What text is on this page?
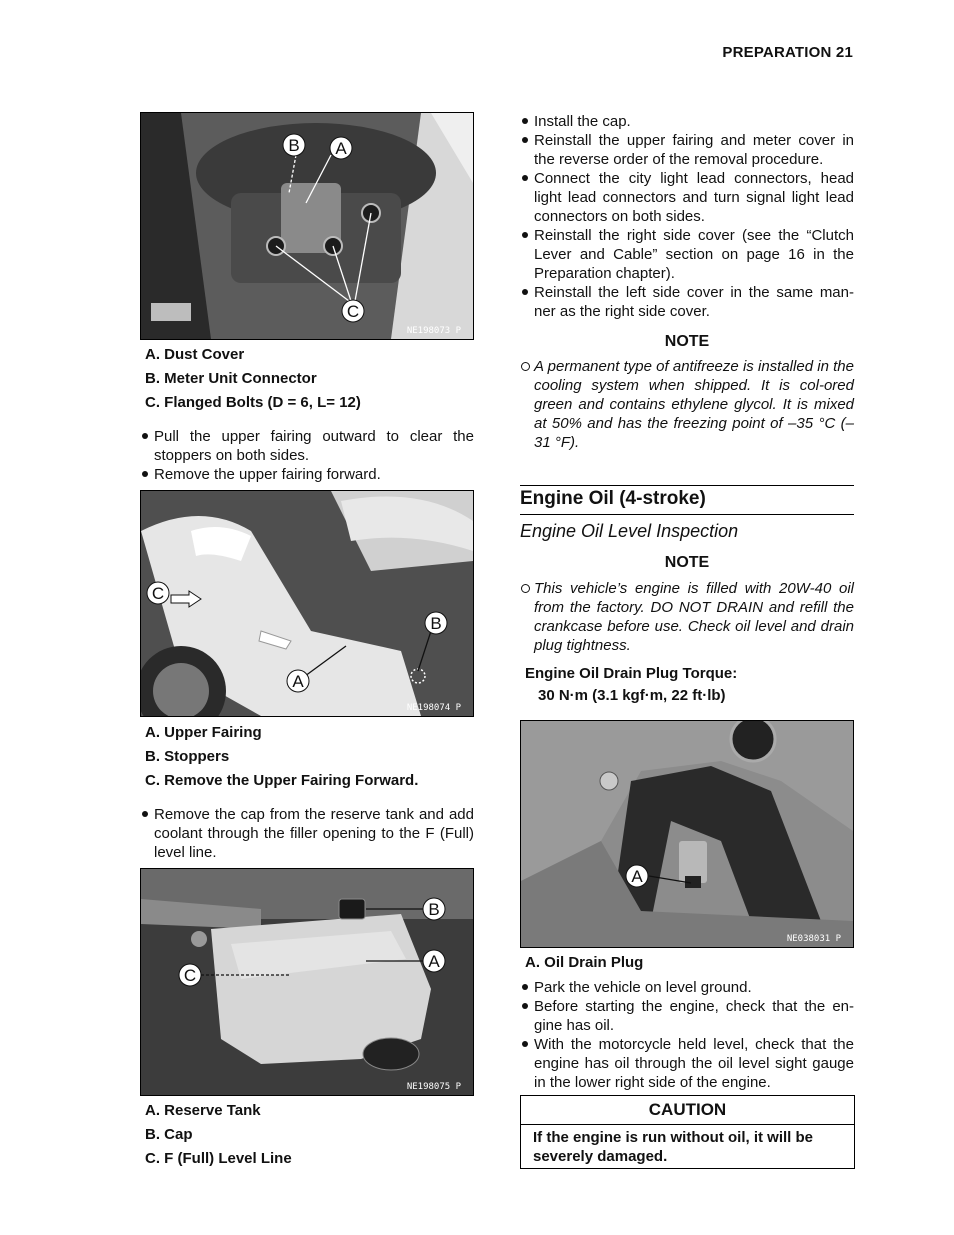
PREPARATION 21
B A
C
NE198073 P
A. Dust Cover
B. Meter Unit Connector
C. Flanged Bolts (D = 6, L= 12)
Pull the upper fairing outward to clear the stoppers on both sides.
Remove the upper fairing forward.
C
B
A
NE198074 P
A. Upper Fairing
B. Stoppers
C. Remove the Upper Fairing Forward.
Remove the cap from the reserve tank and add coolant through the filler opening to the F (Full) level line.
B
A
C
NE198075 P
A. Reserve Tank
B. Cap
C. F (Full) Level Line
Install the cap.
Reinstall the upper fairing and meter cover in the reverse order of the removal procedure.
Connect the city light lead connectors, head light lead connectors and turn signal light lead connectors on both sides.
Reinstall the right side cover (see the “Clutch Lever and Cable” section on page 16 in the Preparation chapter).
Reinstall the left side cover in the same man-ner as the right side cover.
NOTE
A permanent type of antifreeze is installed in the cooling system when shipped. It is col-ored green and contains ethylene glycol. It is mixed at 50% and has the freezing point of –35 °C (–31 °F).
Engine Oil (4-stroke)
Engine Oil Level Inspection
NOTE
This vehicle’s engine is filled with 20W-40 oil from the factory. DO NOT DRAIN and refill the crankcase before use. Check oil level and drain plug tightness.
Engine Oil Drain Plug Torque:
30 N·m (3.1 kgf·m, 22 ft·lb)
A
NE038031 P
A. Oil Drain Plug
Park the vehicle on level ground.
Before starting the engine, check that the en-gine has oil.
With the motorcycle held level, check that the engine has oil through the oil level sight gauge in the lower right side of the engine.
CAUTION
If the engine is run without oil, it will be severely damaged.
